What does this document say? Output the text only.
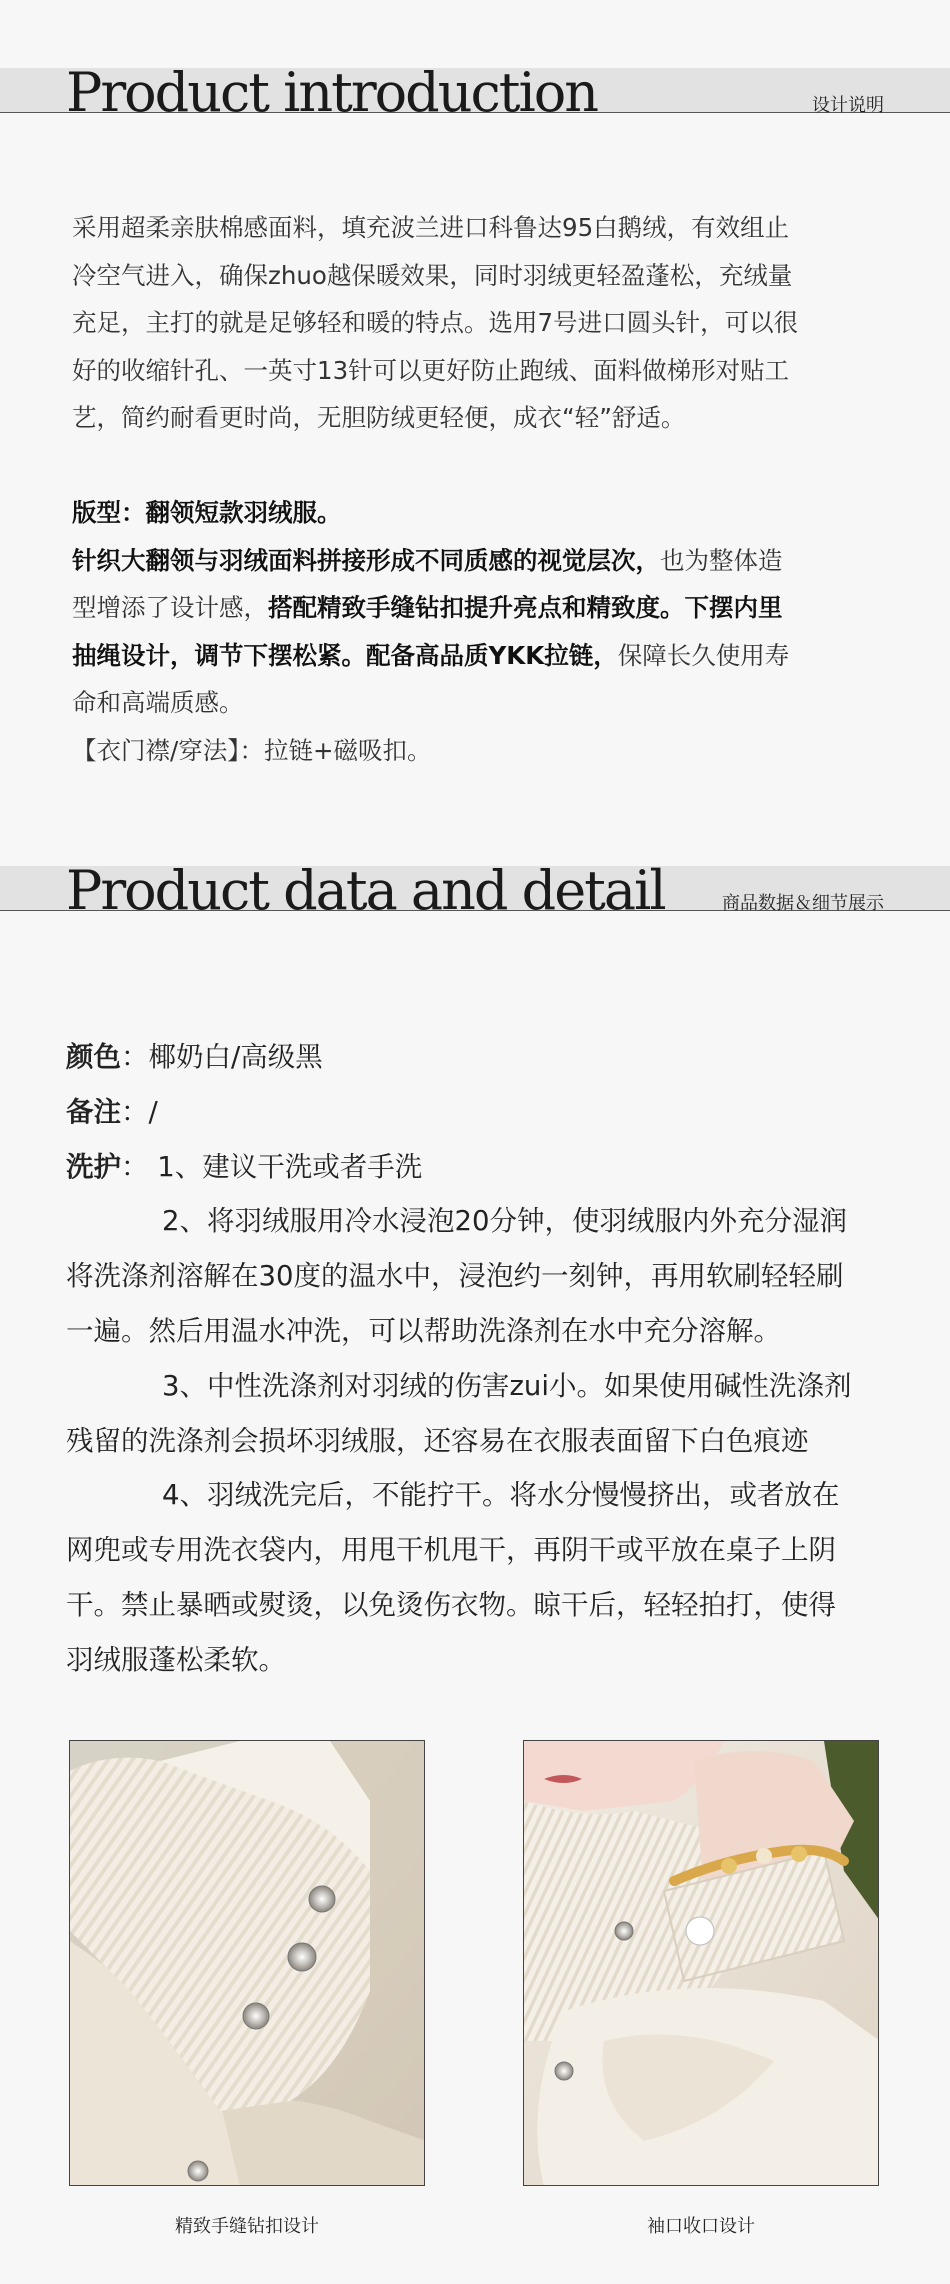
Product introduction	设计说明
采用超柔亲肤棉感面料，填充波兰进口科鲁达95白鹅绒，有效组止
冷空气进入，确保zhuo越保暖效果，同时羽绒更轻盈蓬松，充绒量
充足，主打的就是足够轻和暖的特点。选用7号进口圆头针，可以很
好的收缩针孔、一英寸13针可以更好防止跑绒、面料做梯形对贴工
艺，简约耐看更时尚，无胆防绒更轻便，成衣“轻”舒适。
版型：翻领短款羽绒服。
针织大翻领与羽绒面料拼接形成不同质感的视觉层次，也为整体造
型增添了设计感，搭配精致手缝钻扣提升亮点和精致度。下摆内里
抽绳设计，调节下摆松紧。配备高品质YKK拉链，保障长久使用寿
命和高端质感。
【衣门襟/穿法】：拉链+磁吸扣。
Product data and detail	商品数据＆细节展示
颜色：椰奶白/高级黑
备注：/
洗护： 1、建议干洗或者手洗
2、将羽绒服用冷水浸泡20分钟，使羽绒服内外充分湿润
将洗涤剂溶解在30度的温水中，浸泡约一刻钟，再用软刷轻轻刷
一遍。然后用温水冲洗，可以帮助洗涤剂在水中充分溶解。
3、中性洗涤剂对羽绒的伤害zui小。如果使用碱性洗涤剂
残留的洗涤剂会损坏羽绒服，还容易在衣服表面留下白色痕迹
4、羽绒洗完后，不能拧干。将水分慢慢挤出，或者放在
网兜或专用洗衣袋内，用甩干机甩干，再阴干或平放在桌子上阴
干。禁止暴晒或熨烫，以免烫伤衣物。晾干后，轻轻拍打，使得
羽绒服蓬松柔软。
精致手缝钻扣设计	袖口收口设计
